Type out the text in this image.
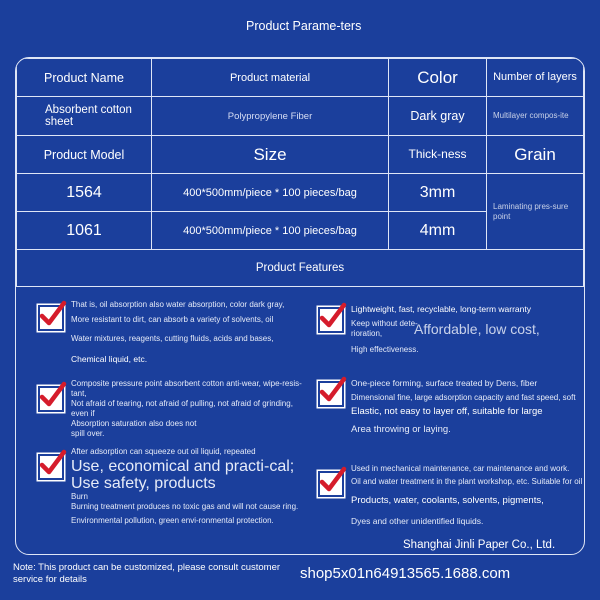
Product Parame-ters
Product Name	Product material	Color	Number of layers
Absorbent cotton sheet	Polypropylene Fiber	Dark gray	Multilayer compos-ite
Product Model	Size	Thick-ness	Grain
1564	400*500mm/piece * 100 pieces/bag	3mm	Laminating pres-sure point
1061	400*500mm/piece * 100 pieces/bag	4mm	
Product Features			

That is, oil absorption also water absorption, color dark gray,

More resistant to dirt, can absorb a variety of solvents, oil

Water mixtures, reagents, cutting fluids, acids and bases,

Chemical liquid, etc.

Composite pressure point absorbent cotton anti-wear, wipe-resis-tant,

Not afraid of tearing, not afraid of pulling, not afraid of grinding, even if

Absorption saturation also does not

spill over.

After adsorption can squeeze out oil liquid, repeated

Use, economical and practi-cal; Use safety, products

Burn

Burning treatment produces no toxic gas and will not cause ring.

Environmental pollution, green envi-ronmental protection.

Lightweight, fast, recyclable, long-term warranty

Keep without dete-rioration,	Affordable, low cost,

High effectiveness.

One-piece forming, surface treated by Dens, fiber

Dimensional fine, large adsorption capacity and fast speed, soft

Elastic, not easy to layer off, suitable for large

Area throwing or laying.

Used in mechanical maintenance, car maintenance and work.

Oil and water treatment in the plant workshop, etc. Suitable for oil

Products, water, coolants, solvents, pigments,

Dyes and other unidentified liquids.

Shanghai Jinli Paper Co., Ltd.
Note: This product can be customized, please consult customer service for details	shop5x01n64913565.1688.com
